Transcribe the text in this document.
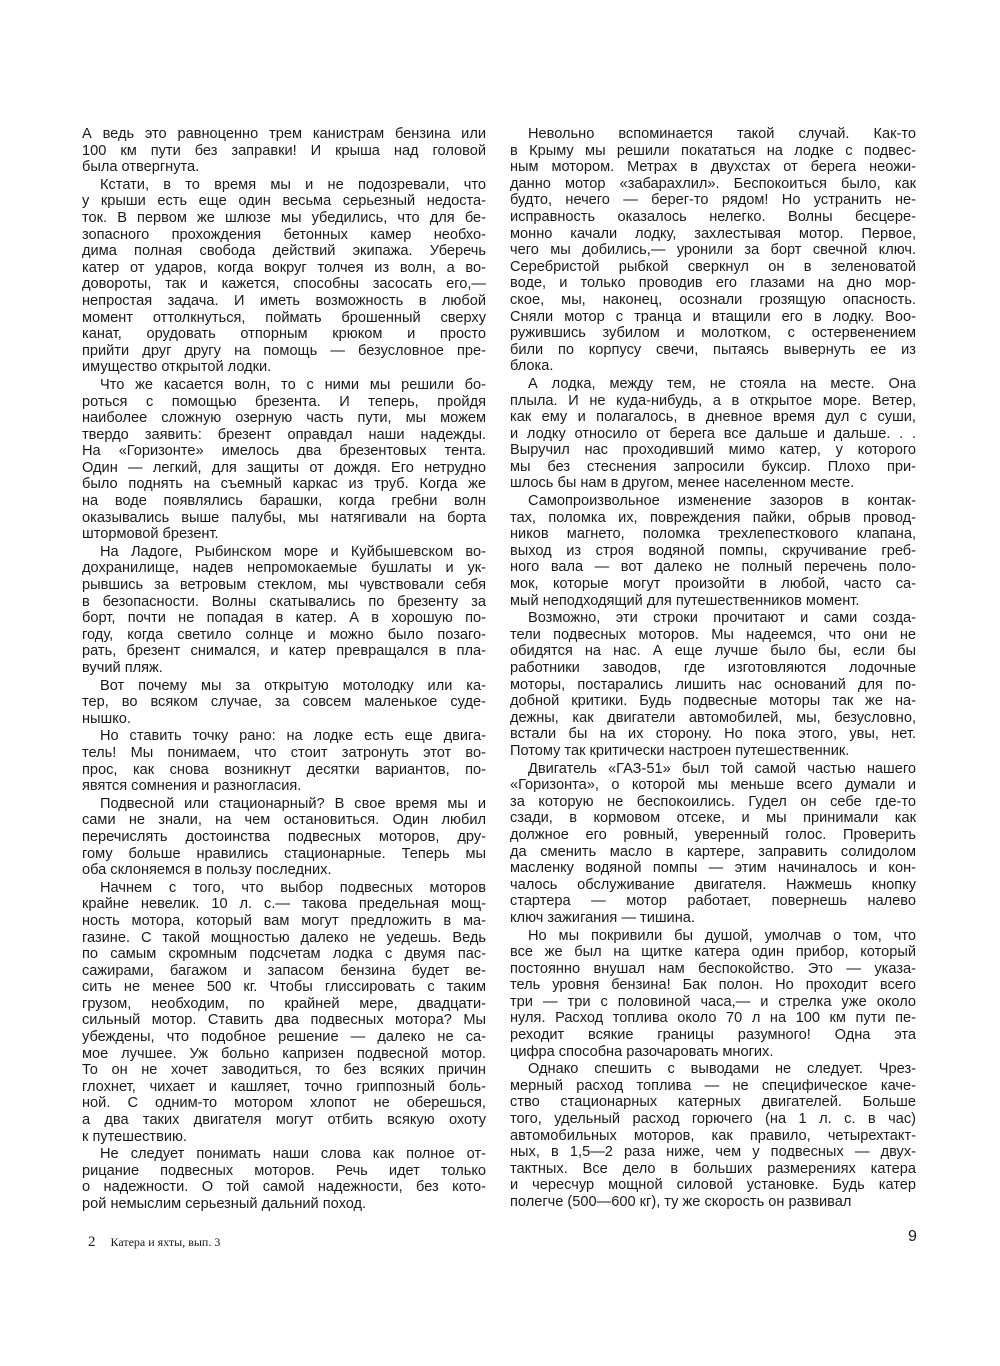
А ведь это равноценно трем канистрам бензина или
100 км пути без заправки! И крыша над головой
была отвергнута.
Кстати, в то время мы и не подозревали, что
у крыши есть еще один весьма серьезный недоста-
ток. В первом же шлюзе мы убедились, что для бе-
зопасного прохождения бетонных камер необхо-
дима полная свобода действий экипажа. Уберечь
катер от ударов, когда вокруг толчея из волн, а во-
довороты, так и кажется, способны засосать его,—
непростая задача. И иметь возможность в любой
момент оттолкнуться, поймать брошенный сверху
канат, орудовать отпорным крюком и просто
прийти друг другу на помощь — безусловное пре-
имущество открытой лодки.
Что же касается волн, то с ними мы решили бо-
роться с помощью брезента. И теперь, пройдя
наиболее сложную озерную часть пути, мы можем
твердо заявить: брезент оправдал наши надежды.
На «Горизонте» имелось два брезентовых тента.
Один — легкий, для защиты от дождя. Его нетрудно
было поднять на съемный каркас из труб. Когда же
на воде появлялись барашки, когда гребни волн
оказывались выше палубы, мы натягивали на борта
штормовой брезент.
На Ладоге, Рыбинском море и Куйбышевском во-
дохранилище, надев непромокаемые бушлаты и ук-
рывшись за ветровым стеклом, мы чувствовали себя
в безопасности. Волны скатывались по брезенту за
борт, почти не попадая в катер. А в хорошую по-
году, когда светило солнце и можно было позаго-
рать, брезент снимался, и катер превращался в пла-
вучий пляж.
Вот почему мы за открытую мотолодку или ка-
тер, во всяком случае, за совсем маленькое суде-
нышко.
Но ставить точку рано: на лодке есть еще двига-
тель! Мы понимаем, что стоит затронуть этот во-
прос, как снова возникнут десятки вариантов, по-
явятся сомнения и разногласия.
Подвесной или стационарный? В свое время мы и
сами не знали, на чем остановиться. Один любил
перечислять достоинства подвесных моторов, дру-
гому больше нравились стационарные. Теперь мы
оба склоняемся в пользу последних.
Начнем с того, что выбор подвесных моторов
крайне невелик. 10 л. с.— такова предельная мощ-
ность мотора, который вам могут предложить в ма-
газине. С такой мощностью далеко не уедешь. Ведь
по самым скромным подсчетам лодка с двумя пас-
сажирами, багажом и запасом бензина будет ве-
сить не менее 500 кг. Чтобы глиссировать с таким
грузом, необходим, по крайней мере, двадцати-
сильный мотор. Ставить два подвесных мотора? Мы
убеждены, что подобное решение — далеко не са-
мое лучшее. Уж больно капризен подвесной мотор.
То он не хочет заводиться, то без всяких причин
глохнет, чихает и кашляет, точно гриппозный боль-
ной. С одним-то мотором хлопот не оберешься,
а два таких двигателя могут отбить всякую охоту
к путешествию.
Не следует понимать наши слова как полное от-
рицание подвесных моторов. Речь идет только
о надежности. О той самой надежности, без кото-
рой немыслим серьезный дальний поход.
Невольно вспоминается такой случай. Как-то
в Крыму мы решили покататься на лодке с подвес-
ным мотором. Метрах в двухстах от берега неожи-
данно мотор «забарахлил». Беспокоиться было, как
будто, нечего — берег-то рядом! Но устранить не-
исправность оказалось нелегко. Волны бесцере-
монно качали лодку, захлестывая мотор. Первое,
чего мы добились,— уронили за борт свечной ключ.
Серебристой рыбкой сверкнул он в зеленоватой
воде, и только проводив его глазами на дно мор-
ское, мы, наконец, осознали грозящую опасность.
Сняли мотор с транца и втащили его в лодку. Воо-
ружившись зубилом и молотком, с остервенением
били по корпусу свечи, пытаясь вывернуть ее из
блока.
А лодка, между тем, не стояла на месте. Она
плыла. И не куда-нибудь, а в открытое море. Ветер,
как ему и полагалось, в дневное время дул с суши,
и лодку относило от берега все дальше и дальше. . .
Выручил нас проходивший мимо катер, у которого
мы без стеснения запросили буксир. Плохо при-
шлось бы нам в другом, менее населенном месте.
Самопроизвольное изменение зазоров в контак-
тах, поломка их, повреждения пайки, обрыв провод-
ников магнето, поломка трехлепесткового клапана,
выход из строя водяной помпы, скручивание греб-
ного вала — вот далеко не полный перечень поло-
мок, которые могут произойти в любой, часто са-
мый неподходящий для путешественников момент.
Возможно, эти строки прочитают и сами созда-
тели подвесных моторов. Мы надеемся, что они не
обидятся на нас. А еще лучше было бы, если бы
работники заводов, где изготовляются лодочные
моторы, постарались лишить нас оснований для по-
добной критики. Будь подвесные моторы так же на-
дежны, как двигатели автомобилей, мы, безусловно,
встали бы на их сторону. Но пока этого, увы, нет.
Потому так критически настроен путешественник.
Двигатель «ГАЗ-51» был той самой частью нашего
«Горизонта», о которой мы меньше всего думали и
за которую не беспокоились. Гудел он себе где-то
сзади, в кормовом отсеке, и мы принимали как
должное его ровный, уверенный голос. Проверить
да сменить масло в картере, заправить солидолом
масленку водяной помпы — этим начиналось и кон-
чалось обслуживание двигателя. Нажмешь кнопку
стартера — мотор работает, повернешь налево
ключ зажигания — тишина.
Но мы покривили бы душой, умолчав о том, что
все же был на щитке катера один прибор, который
постоянно внушал нам беспокойство. Это — указа-
тель уровня бензина! Бак полон. Но проходит всего
три — три с половиной часа,— и стрелка уже около
нуля. Расход топлива около 70 л на 100 км пути пе-
реходит всякие границы разумного! Одна эта
цифра способна разочаровать многих.
Однако спешить с выводами не следует. Чрез-
мерный расход топлива — не специфическое каче-
ство стационарных катерных двигателей. Больше
того, удельный расход горючего (на 1 л. с. в час)
автомобильных моторов, как правило, четырехтакт-
ных, в 1,5—2 раза ниже, чем у подвесных — двух-
тактных. Все дело в больших размерениях катера
и чересчур мощной силовой установке. Будь катер
полегче (500—600 кг), ту же скорость он развивал
2 Катера и яхты, вып. 3	9
